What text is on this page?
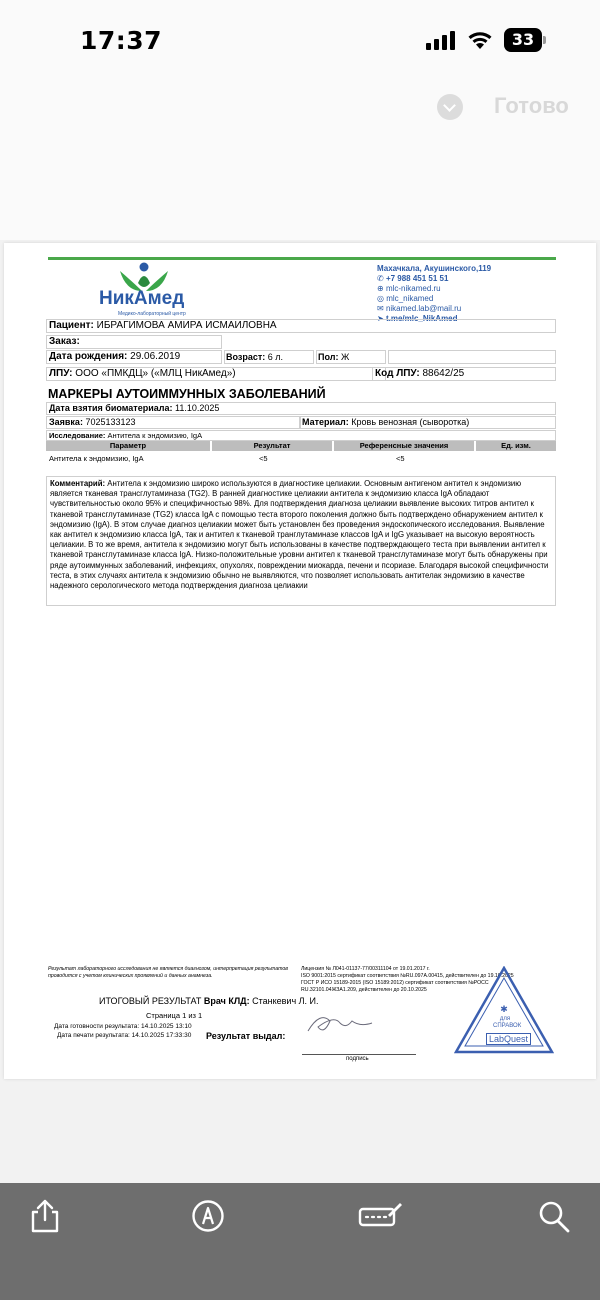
17:37	33
Готово
НикАмед
Медико-лабораторный центр
Махачкала, Акушинского,119
✆ +7 988 451 51 51
⊕ mlc-nikamed.ru
◎ mlc_nikamed
✉ nikamed.lab@mail.ru
➤ t.me/mlc_NikAmed
Пациент: ИБРАГИМОВА АМИРА ИСМАИЛОВНА
Заказ:
Дата рождения: 29.06.2019	Возраст: 6 л.	Пол: Ж
ЛПУ: ООО «ПМКДЦ» («МЛЦ НикАмед»)	Код ЛПУ: 88642/25
МАРКЕРЫ АУТОИММУННЫХ ЗАБОЛЕВАНИЙ
Дата взятия биоматериала: 11.10.2025
Заявка: 7025133123	Материал: Кровь венозная (сыворотка)
Исследование: Антитела к эндомизию, IgA
Параметр	Результат	Референсные значения	Ед. изм.
Антитела к эндомизию, IgA	<5	<5
Комментарий: Антитела к эндомизию широко используются в диагностике целиакии. Основным антигеном антител к эндомизию является тканевая трансглутаминаза (TG2). В ранней диагностике целиакии антитела к эндомизию класса IgA обладают чувствительностью около 95% и специфичностью 98%. Для подтверждения диагноза целиакии выявление высоких титров антител к тканевой трансглутаминазе (TG2) класса IgA с помощью теста второго поколения должно быть подтверждено обнаружением антител к эндомизию (IgA). В этом случае диагноз целиакии может быть установлен без проведения эндоскопического исследования. Выявление как антител к эндомизию класса IgA, так и антител к тканевой транглутаминазе классов IgA и IgG указывает на высокую вероятность целиакии. В то же время, антитела к эндомизию могут быть использованы в качестве подтверждающего теста при выявлении антител к тканевой трансглутаминазе класса IgA. Низко-положительные уровни антител к тканевой трансглутаминазе могут быть обнаружены при ряде аутоиммунных заболеваний, инфекциях, опухолях, повреждении миокарда, печени и псориазе. Благодаря высокой специфичности теста, в этих случаях антитела к эндомизию обычно не выявляются, что позволяет использовать антителак эндомизию в качестве надежного серологического метода подтверждения диагноза целиакии
Результат лабораторного исследования не является диагнозом, интерпретация результатов проводится с учетом клинических проявлений и данных анамнеза.
Лицензия № Л041-01137-77/00311104 от 19.01.2017 г.
ISO 9001:2015 сертификат соответствия №RU.097A.00415, действителен до 19.10.2025
ГОСТ Р ИСО 15189-2015 (ISO 15189:2012) сертификат соответствия №РОСС
RU.32101.04ЖЗА1.209, действителен до 20.10.2025
ИТОГОВЫЙ РЕЗУЛЬТАТ Врач КЛД: Станкевич Л. И.
Страница 1 из 1
Дата готовности результата: 14.10.2025 13:10
Дата печати результата: 14.10.2025 17:33:30 Результат выдал:
подпись
✱
для СПРАВОК
LabQuest
